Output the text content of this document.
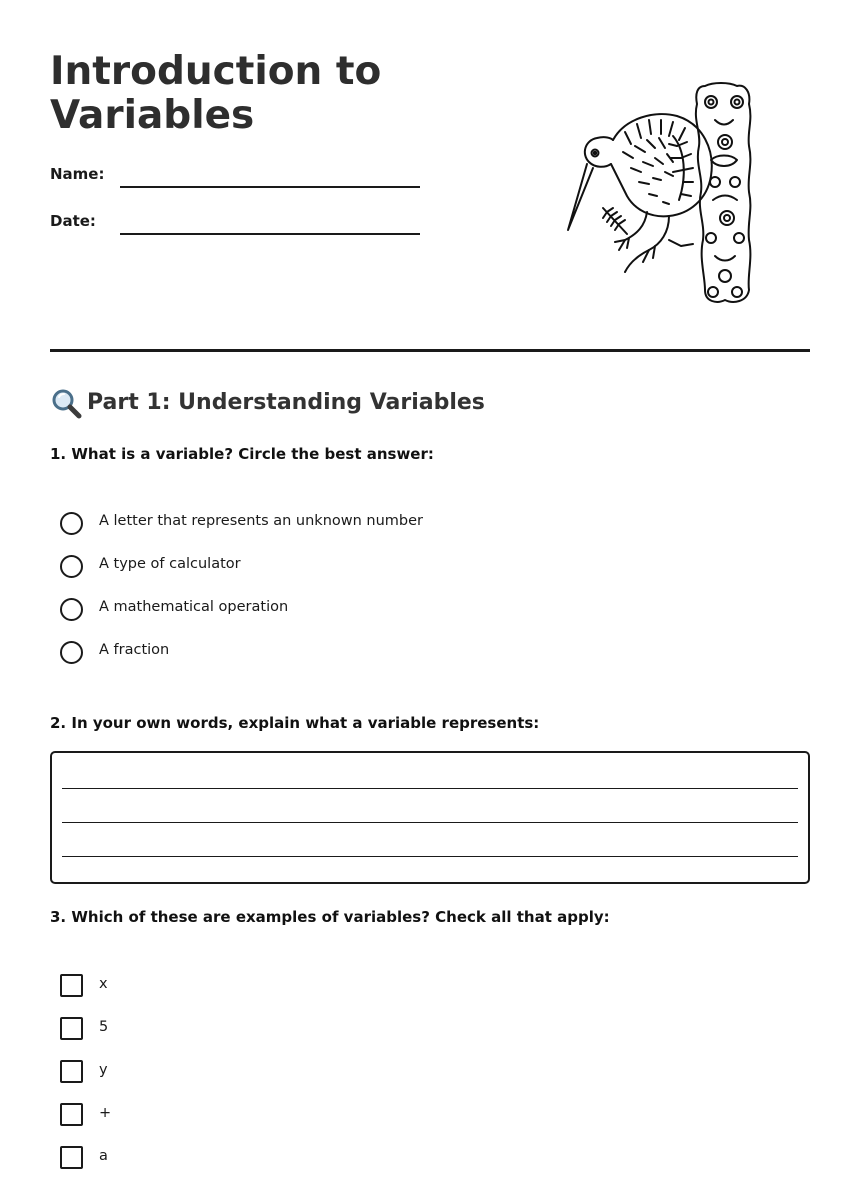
Introduction to
Variables
Name:
Date:
Part 1: Understanding Variables

1. What is a variable? Circle the best answer:

A letter that represents an unknown number
A type of calculator
A mathematical operation
A fraction

2. In your own words, explain what a variable represents:

3. Which of these are examples of variables? Check all that apply:

x
5
y
+
a
